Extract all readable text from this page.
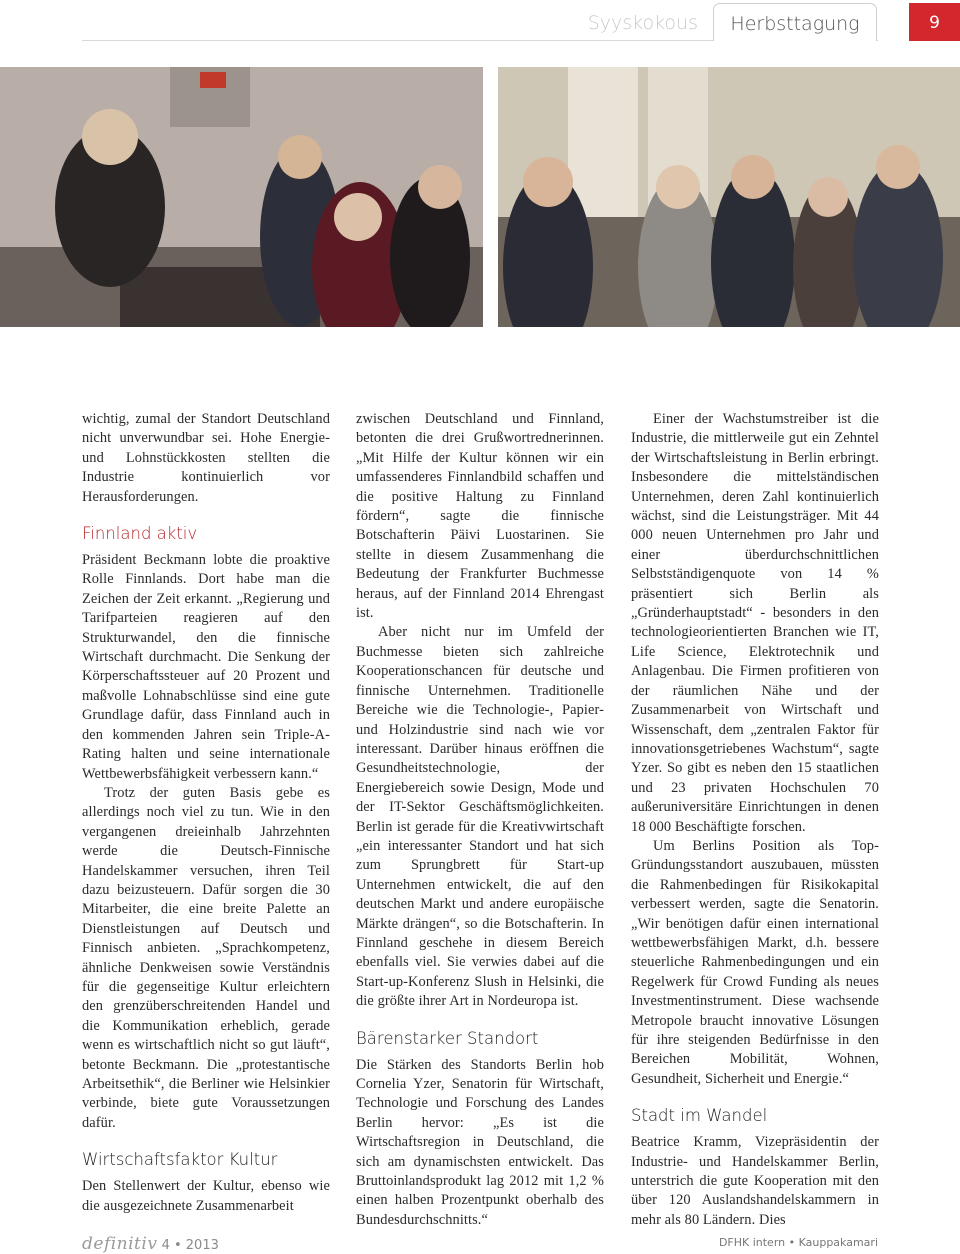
Syyskokous	Herbsttagung	9

wichtig, zumal der Standort Deutschland nicht unverwundbar sei. Hohe Energie- und Lohnstückkosten stellten die Industrie kontinuierlich vor Herausforderungen.

Finnland aktiv

Präsident Beckmann lobte die proaktive Rolle Finnlands. Dort habe man die Zeichen der Zeit erkannt. „Regierung und Tarifparteien reagieren auf den Strukturwandel, den die finnische Wirtschaft durchmacht. Die Senkung der Körperschaftssteuer auf 20 Prozent und maßvolle Lohnabschlüsse sind eine gute Grundlage dafür, dass Finnland auch in den kommenden Jahren sein Triple-A-Rating halten und seine internationale Wettbewerbsfähigkeit verbessern kann.“

Trotz der guten Basis gebe es allerdings noch viel zu tun. Wie in den vergangenen dreieinhalb Jahrzehnten werde die Deutsch-Finnische Handelskammer versuchen, ihren Teil dazu beizusteuern. Dafür sorgen die 30 Mitarbeiter, die eine breite Palette an Dienstleistungen auf Deutsch und Finnisch anbieten. „Sprachkompetenz, ähnliche Denkweisen sowie Verständnis für die gegenseitige Kultur erleichtern den grenzüberschreitenden Handel und die Kommunikation erheblich, gerade wenn es wirtschaftlich nicht so gut läuft“, betonte Beckmann. Die „protestantische Arbeitsethik“, die Berliner wie Helsinkier verbinde, biete gute Voraussetzungen dafür.

Wirtschaftsfaktor Kultur

Den Stellenwert der Kultur, ebenso wie die ausgezeichnete Zusammenarbeit

zwischen Deutschland und Finnland, betonten die drei Grußwortrednerinnen. „Mit Hilfe der Kultur können wir ein umfassenderes Finnlandbild schaffen und die positive Haltung zu Finnland fördern“, sagte die finnische Botschafterin Päivi Luostarinen. Sie stellte in diesem Zusammenhang die Bedeutung der Frankfurter Buchmesse heraus, auf der Finnland 2014 Ehrengast ist.

Aber nicht nur im Umfeld der Buchmesse bieten sich zahlreiche Kooperationschancen für deutsche und finnische Unternehmen. Traditionelle Bereiche wie die Technologie-, Papier- und Holzindustrie sind nach wie vor interessant. Darüber hinaus eröffnen die Gesundheitstechnologie, der Energiebereich sowie Design, Mode und der IT-Sektor Geschäftsmöglichkeiten. Berlin ist gerade für die Kreativwirtschaft „ein interessanter Standort und hat sich zum Sprungbrett für Start-up Unternehmen entwickelt, die auf den deutschen Markt und andere europäische Märkte drängen“, so die Botschafterin. In Finnland geschehe in diesem Bereich ebenfalls viel. Sie verwies dabei auf die Start-up-Konferenz Slush in Helsinki, die die größte ihrer Art in Nordeuropa ist.

Bärenstarker Standort

Die Stärken des Standorts Berlin hob Cornelia Yzer, Senatorin für Wirtschaft, Technologie und Forschung des Landes Berlin hervor: „Es ist die Wirtschaftsregion in Deutschland, die sich am dynamischsten entwickelt. Das Bruttoinlandsprodukt lag 2012 mit 1,2 % einen halben Prozentpunkt oberhalb des Bundesdurchschnitts.“

Einer der Wachstumstreiber ist die Industrie, die mittlerweile gut ein Zehntel der Wirtschaftsleistung in Berlin erbringt. Insbesondere die mittelständischen Unternehmen, deren Zahl kontinuierlich wächst, sind die Leistungsträger. Mit 44 000 neuen Unternehmen pro Jahr und einer überdurchschnittlichen Selbstständigenquote von 14 % präsentiert sich Berlin als „Gründerhauptstadt“ - besonders in den technologieorientierten Branchen wie IT, Life Science, Elektrotechnik und Anlagenbau. Die Firmen profitieren von der räumlichen Nähe und der Zusammenarbeit von Wirtschaft und Wissenschaft, dem „zentralen Faktor für innovationsgetriebenes Wachstum“, sagte Yzer. So gibt es neben den 15 staatlichen und 23 privaten Hochschulen 70 außeruniversitäre Einrichtungen in denen 18 000 Beschäftigte forschen.

Um Berlins Position als Top-Gründungsstandort auszubauen, müssten die Rahmenbedingen für Risikokapital verbessert werden, sagte die Senatorin. „Wir benötigen dafür einen international wettbewerbsfähigen Markt, d.h. bessere steuerliche Rahmenbedingungen und ein Regelwerk für Crowd Funding als neues Investmentinstrument. Diese wachsende Metropole braucht innovative Lösungen für ihre steigenden Bedürfnisse in den Bereichen Mobilität, Wohnen, Gesundheit, Sicherheit und Energie.“

Stadt im Wandel

Beatrice Kramm, Vizepräsidentin der Industrie- und Handelskammer Berlin, unterstrich die gute Kooperation mit den über 120 Auslandshandelskammern in mehr als 80 Ländern. Dies

definitiv 4 • 2013	DFHK intern • Kauppakamari
